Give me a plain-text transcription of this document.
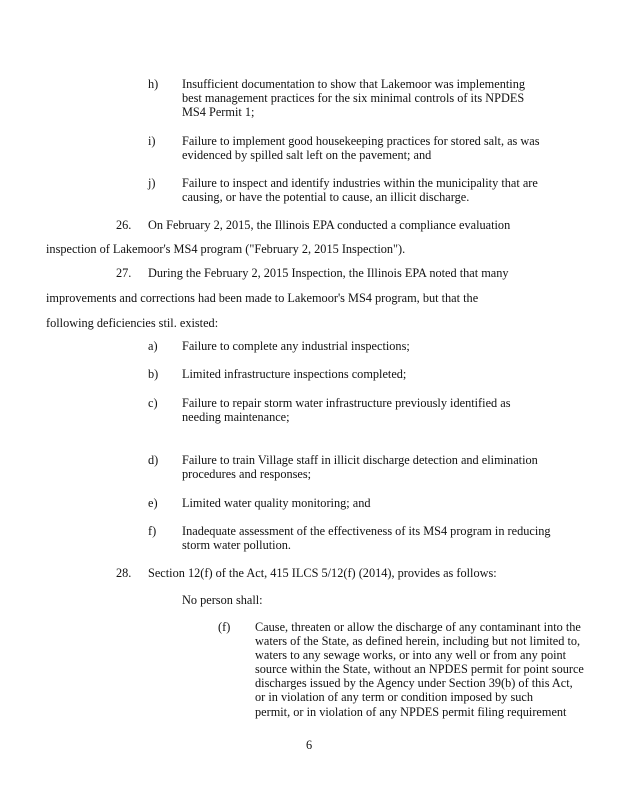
h) Insufficient documentation to show that Lakemoor was implementing
best management practices for the six minimal controls of its NPDES
MS4 Permit 1;
i) Failure to implement good housekeeping practices for stored salt, as was
evidenced by spilled salt left on the pavement; and
j) Failure to inspect and identify industries within the municipality that are
causing, or have the potential to cause, an illicit discharge.
26. On February 2, 2015, the Illinois EPA conducted a compliance evaluation
inspection of Lakemoor's MS4 program ("February 2, 2015 Inspection").
27. During the February 2, 2015 Inspection, the Illinois EPA noted that many
improvements and corrections had been made to Lakemoor's MS4 program, but that the
following deficiencies stil. existed:
a) Failure to complete any industrial inspections;
b) Limited infrastructure inspections completed;
c) Failure to repair storm water infrastructure previously identified as
needing maintenance;
d) Failure to train Village staff in illicit discharge detection and elimination
procedures and responses;
e) Limited water quality monitoring; and
f) Inadequate assessment of the effectiveness of its MS4 program in reducing
storm water pollution.
28. Section 12(f) of the Act, 415 ILCS 5/12(f) (2014), provides as follows:
No person shall:
(f) Cause, threaten or allow the discharge of any contaminant into the
waters of the State, as defined herein, including but not limited to,
waters to any sewage works, or into any well or from any point
source within the State, without an NPDES permit for point source
discharges issued by the Agency under Section 39(b) of this Act,
or in violation of any term or condition imposed by such
permit, or in violation of any NPDES permit filing requirement
6
